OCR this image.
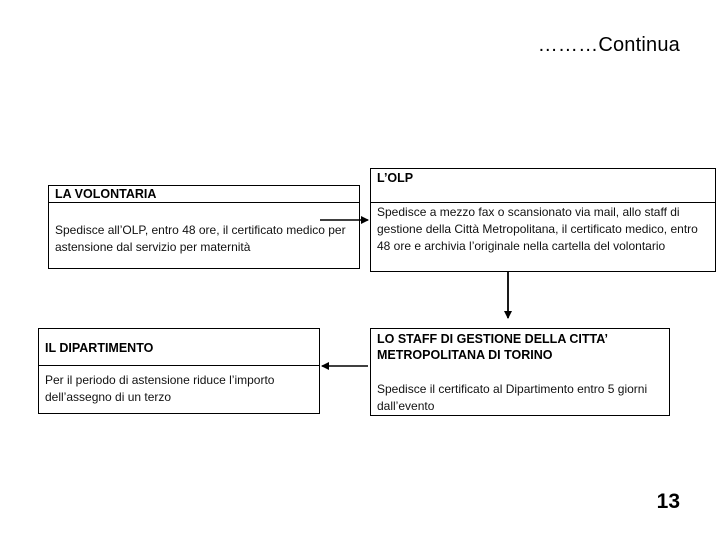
………Continua
LA VOLONTARIA
Spedisce all’OLP, entro 48 ore, il certificato medico per astensione dal servizio per maternità
L’OLP
Spedisce a mezzo fax o scansionato via mail, allo staff di gestione della Città Metropolitana, il certificato medico, entro 48 ore e archivia l’originale nella cartella del volontario
IL DIPARTIMENTO
Per il periodo di astensione riduce l’importo dell’assegno di un terzo
LO STAFF DI GESTIONE DELLA CITTA’ METROPOLITANA DI TORINO
Spedisce il certificato al Dipartimento entro 5 giorni dall’evento
13
